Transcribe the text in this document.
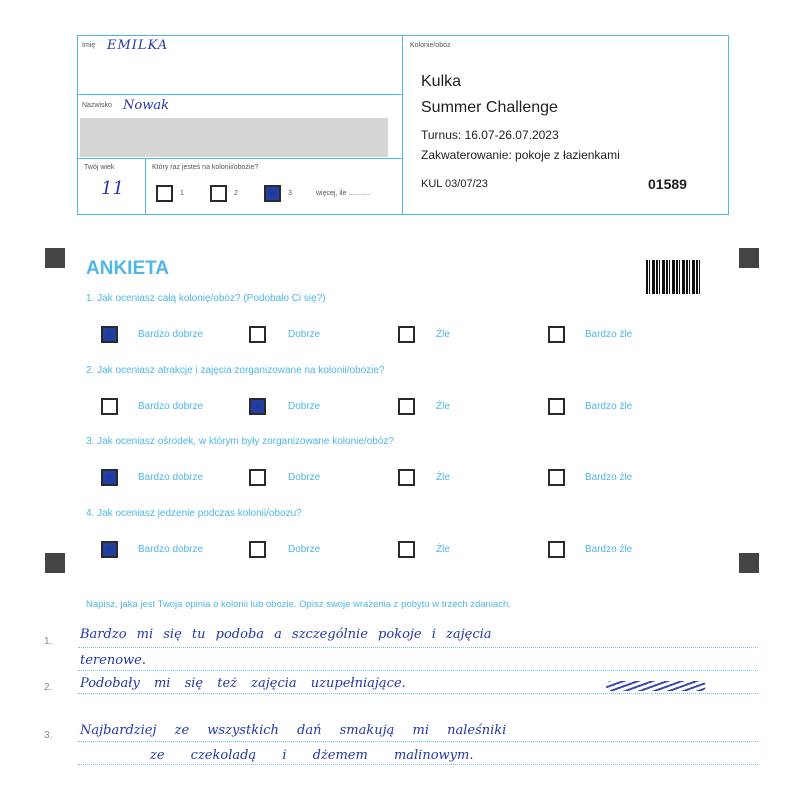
Imię EMILKA
Nazwisko Nowak
Twój wiek
11
Który raz jesteś na kolonii/obozie?
1	2	3	więcej, ile ...........
Kolonie/obóz
Kulka
Summer Challenge
Turnus: 16.07-26.07.2023
Zakwaterowanie: pokoje z łazienkami
KUL 03/07/23	01589
ANKIETA
1. Jak oceniasz całą kolonię/obóz? (Podobało Ci się?)
Bardzo dobrze	Dobrze	Źle	Bardzo źle
2. Jak oceniasz atrakcje i zajęcia zorganizowane na kolonii/obozie?
Bardzo dobrze	Dobrze	Źle	Bardzo źle
3. Jak oceniasz ośrodek, w którym były zorganizowane kolonie/obóz?
Bardzo dobrze	Dobrze	Źle	Bardzo źle
4. Jak oceniasz jedzenie podczas kolonii/obozu?
Bardzo dobrze	Dobrze	Źle	Bardzo źle
Napisz, jaka jest Twoja opinia o kolonii lub obozie. Opisz swoje wrażenia z pobytu w trzech zdaniach.
1.
2.
3.
Bardzo mi się tu podoba a szczególnie pokoje i zajęcia
terenowe.
Podobały mi się też zajęcia uzupełniające.
Najbardziej ze wszystkich dań smakują mi naleśniki
ze czekoladą i dżemem malinowym.
